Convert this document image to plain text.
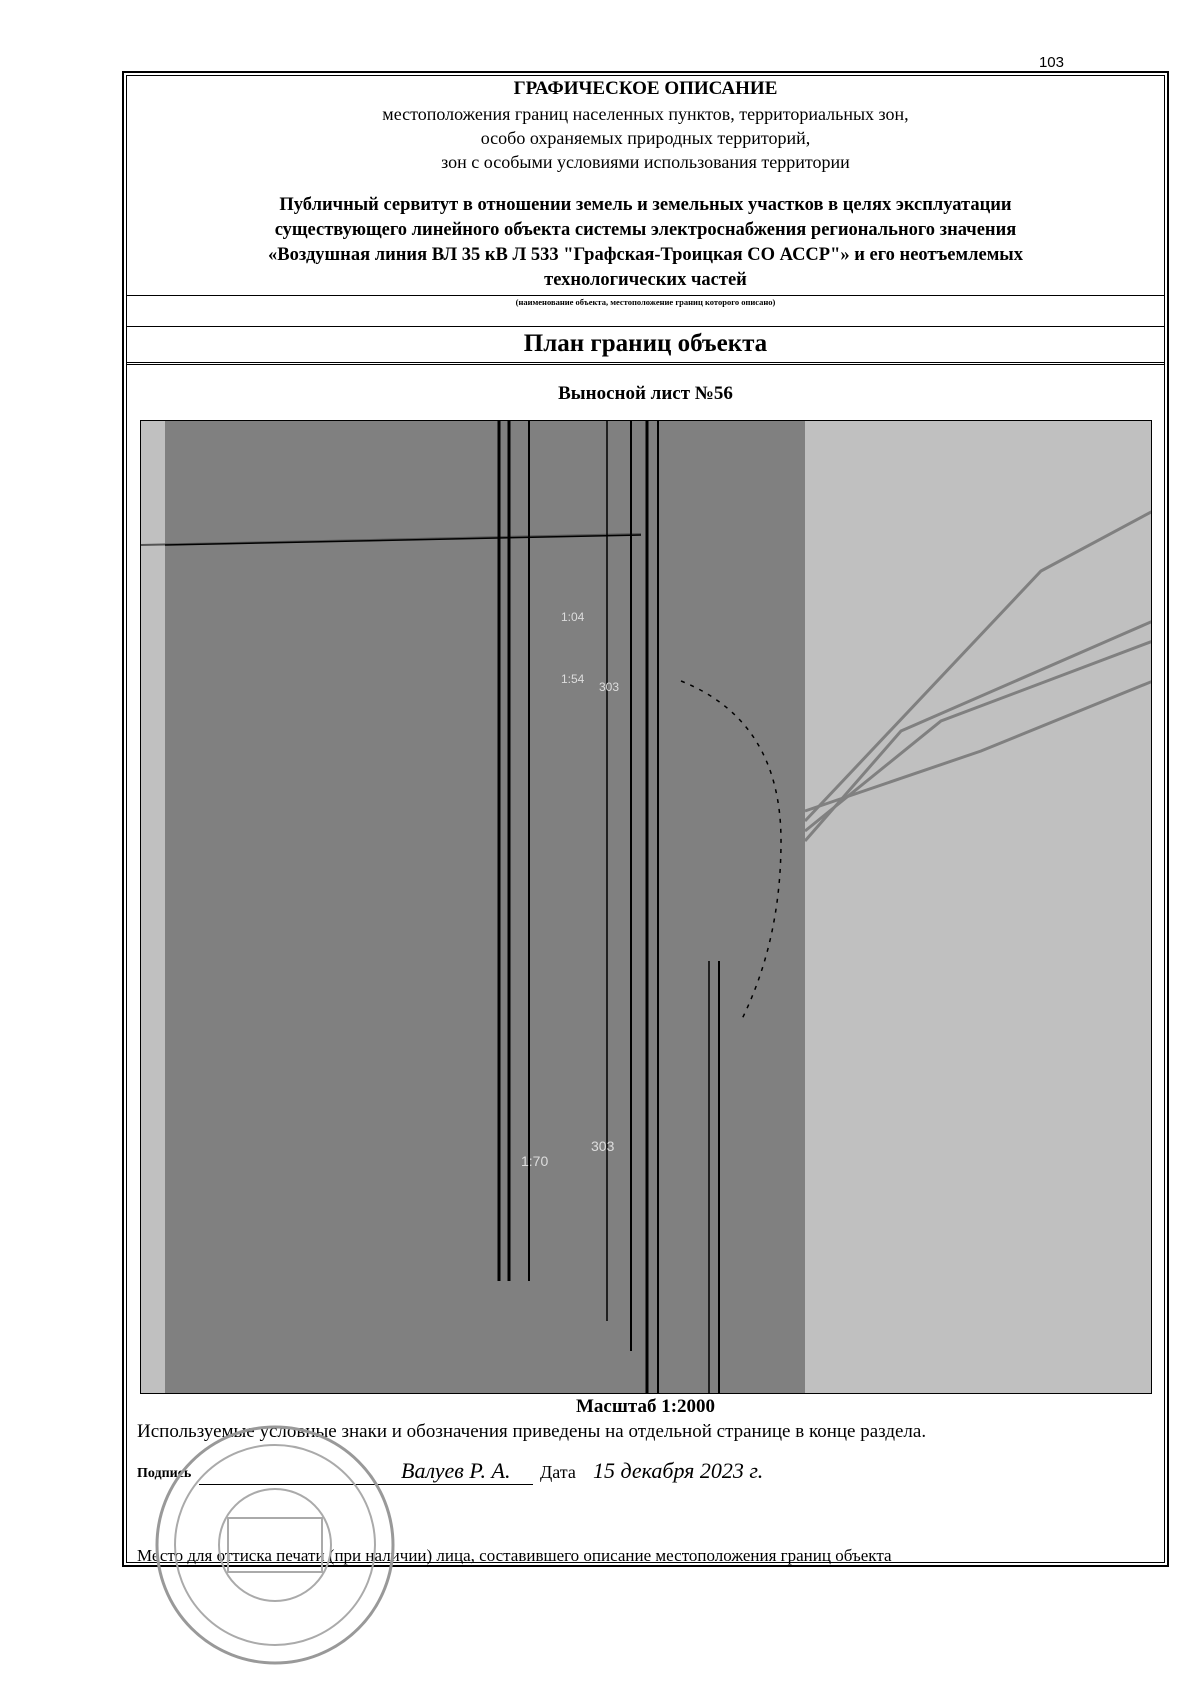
103
ГРАФИЧЕСКОЕ ОПИСАНИЕ
местоположения границ населенных пунктов, территориальных зон,
особо охраняемых природных территорий,
зон с особыми условиями использования территории
Публичный сервитут в отношении земель и земельных участков в целях эксплуатации
существующего линейного объекта системы электроснабжения регионального значения
«Воздушная линия ВЛ 35 кВ Л 533 "Графская-Троицкая СО АССР"» и его неотъемлемых
технологических частей
(наименование объекта, местоположение границ которого описано)
План границ объекта
Выносной лист №56
1:04
1:54
303
1:70
303
Масштаб 1:2000
Используемые условные знаки и обозначения приведены на отдельной странице в конце раздела.
Подпись	Валуев Р. А. Дата 15 декабря 2023 г.
Место для оттиска печати (при наличии) лица, составившего описание местоположения границ объекта
